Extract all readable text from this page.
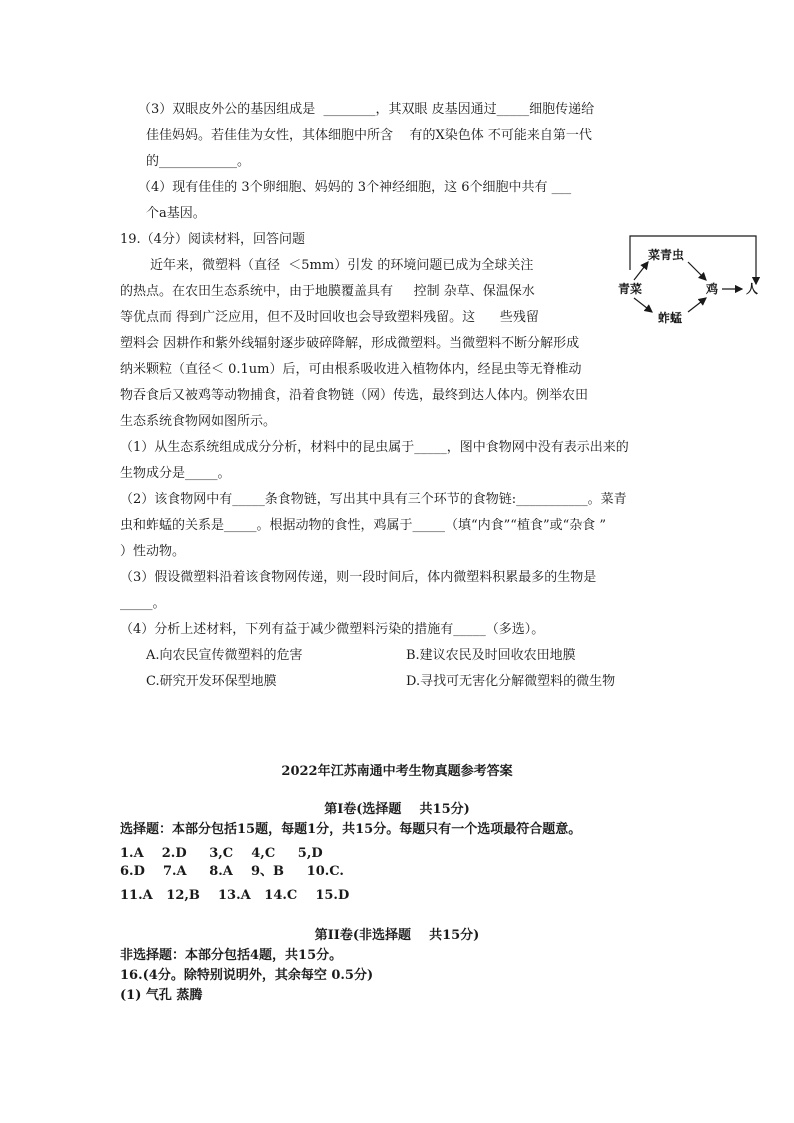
（3）双眼皮外公的基因组成是  ________，其双眼 皮基因通过_____细胞传递给
佳佳妈妈。若佳佳为女性，其体细胞中所含    有的X染色体 不可能来自第一代
的____________。
（4）现有佳佳的 3个卵细胞、妈妈的 3个神经细胞，这 6个细胞中共有 ___
个a基因。
19.（4分）阅读材料，回答问题
近年来，微塑料（直径  ＜5mm）引发 的环境问题已成为全球关注
的热点。在农田生态系统中，由于地膜覆盖具有     控制 杂草、保温保水
等优点而 得到广泛应用，但不及时回收也会导致塑料残留。这      些残留
塑料会 因耕作和紫外线辐射逐步破碎降解，形成微塑料。当微塑料不断分解形成
纳米颗粒（直径＜ 0.1um）后，可由根系吸收进入植物体内，经昆虫等无脊椎动
物吞食后又被鸡等动物捕食，沿着食物链（网）传选，最终到达人体内。例举农田
生态系统食物网如图所示。
菜青虫
青菜	鸡 人
蚱蜢
（1）从生态系统组成成分分析，材料中的昆虫属于_____，图中食物网中没有表示出来的
生物成分是_____。
（2）该食物网中有_____条食物链，写出其中具有三个环节的食物链:___________。菜青
虫和蚱蜢的关系是_____。根据动物的食性，鸡属于_____（填“内食”“植食”或“杂食 ”
）性动物。
（3）假设微塑料沿着该食物网传递，则一段时间后，体内微塑料积累最多的生物是
_____。
（4）分析上述材料，下列有益于减少微塑料污染的措施有_____（多选）。
A.向农民宣传微塑料的危害	B.建议农民及时回收农田地膜
C.研究开发环保型地膜	D.寻找可无害化分解微塑料的微生物
2022年江苏南通中考生物真题参考答案
第Ⅰ卷(选择题    共15分)
选择题：本部分包括15题，每题1分，共15分。每题只有一个选项最符合题意。
1.A    2.D     3,C    4,C     5,D
6.D    7.A     8.A    9、B     10.C.
11.A   12,B    13.A   14.C    15.D
第II卷(非选择题    共15分)
非选择题：本部分包括4题，共15分。
16.(4分。除特别说明外，其余每空 0.5分)
(1) 气孔 蒸腾
